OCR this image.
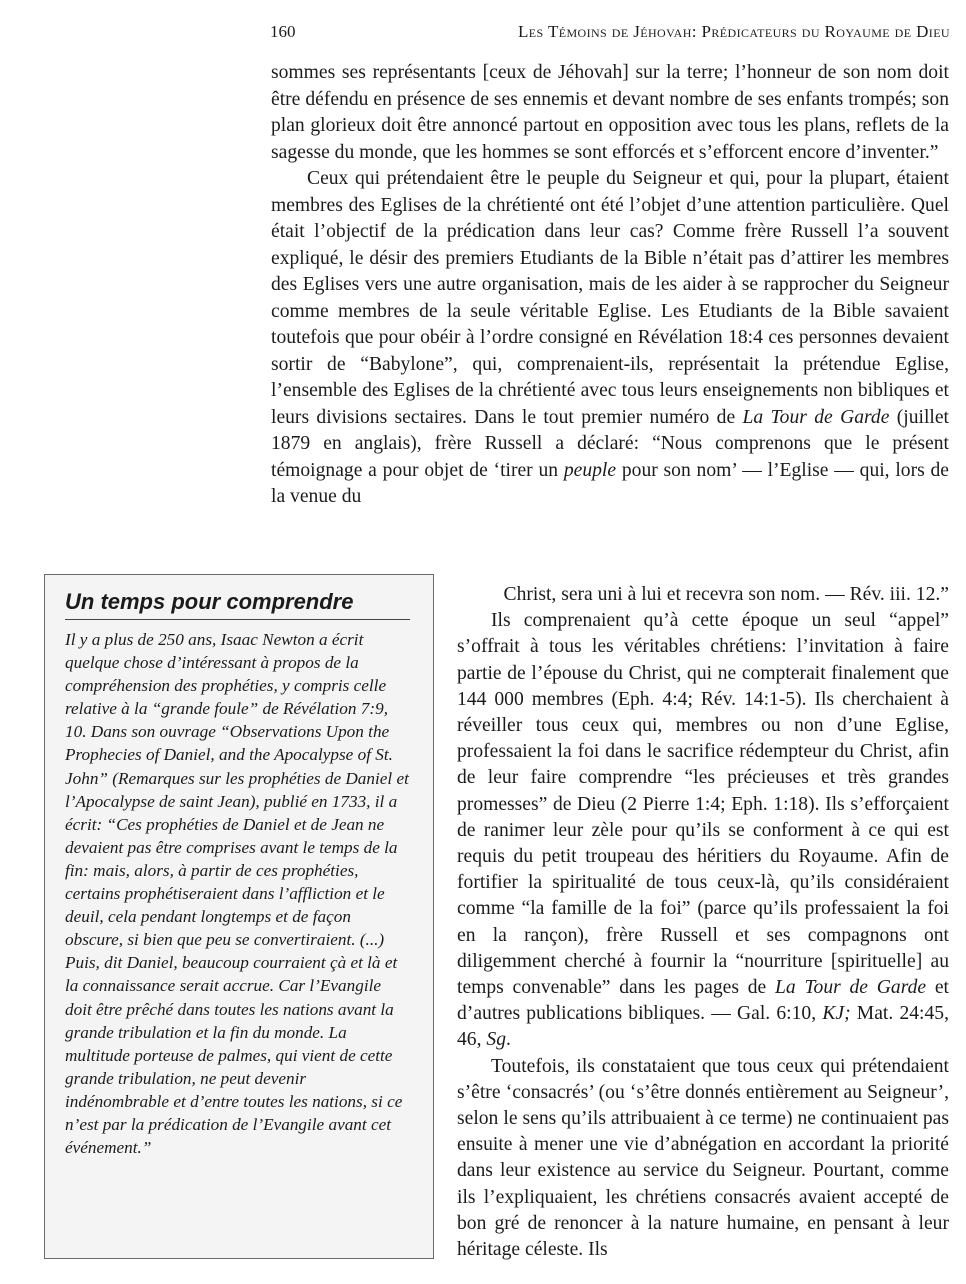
160	Les Témoins de Jéhovah: Prédicateurs du Royaume de Dieu

sommes ses représentants [ceux de Jéhovah] sur la terre; l’honneur de son nom doit être défendu en présence de ses ennemis et devant nombre de ses enfants trompés; son plan glorieux doit être annoncé partout en opposition avec tous les plans, reflets de la sagesse du monde, que les hommes se sont efforcés et s’efforcent encore d’inventer.”

Ceux qui prétendaient être le peuple du Seigneur et qui, pour la plupart, étaient membres des Eglises de la chrétienté ont été l’objet d’une attention particulière. Quel était l’objectif de la prédication dans leur cas? Comme frère Russell l’a souvent expliqué, le désir des premiers Etudiants de la Bible n’était pas d’attirer les membres des Eglises vers une autre organisation, mais de les aider à se rapprocher du Seigneur comme membres de la seule véritable Eglise. Les Etudiants de la Bible savaient toutefois que pour obéir à l’ordre consigné en Révélation 18:4 ces personnes devaient sortir de “Babylone”, qui, comprenaient-ils, représentait la prétendue Eglise, l’ensemble des Eglises de la chrétienté avec tous leurs enseignements non bibliques et leurs divisions sectaires. Dans le tout premier numéro de La Tour de Garde (juillet 1879 en anglais), frère Russell a déclaré: “Nous comprenons que le présent témoignage a pour objet de ‘tirer un peuple pour son nom’ — l’Eglise — qui, lors de la venue du

Christ, sera uni à lui et recevra son nom. — Rév. iii. 12.”

Ils comprenaient qu’à cette époque un seul “appel” s’offrait à tous les véritables chrétiens: l’invitation à faire partie de l’épouse du Christ, qui ne compterait finalement que 144 000 membres (Eph. 4:4; Rév. 14:1-5). Ils cherchaient à réveiller tous ceux qui, membres ou non d’une Eglise, professaient la foi dans le sacrifice rédempteur du Christ, afin de leur faire comprendre “les précieuses et très grandes promesses” de Dieu (2 Pierre 1:4; Eph. 1:18). Ils s’efforçaient de ranimer leur zèle pour qu’ils se conforment à ce qui est requis du petit troupeau des héritiers du Royaume. Afin de fortifier la spiritualité de tous ceux-là, qu’ils considéraient comme “la famille de la foi” (parce qu’ils professaient la foi en la rançon), frère Russell et ses compagnons ont diligemment cherché à fournir la “nourriture [spirituelle] au temps convenable” dans les pages de La Tour de Garde et d’autres publications bibliques. — Gal. 6:10, KJ; Mat. 24:45, 46, Sg.

Toutefois, ils constataient que tous ceux qui prétendaient s’être ‘consacrés’ (ou ‘s’être donnés entièrement au Seigneur’, selon le sens qu’ils attribuaient à ce terme) ne continuaient pas ensuite à mener une vie d’abnégation en accordant la priorité dans leur existence au service du Seigneur. Pourtant, comme ils l’expliquaient, les chrétiens consacrés avaient accepté de bon gré de renoncer à la nature humaine, en pensant à leur héritage céleste. Ils

Un temps pour comprendre
Il y a plus de 250 ans, Isaac Newton a écrit quelque chose d’intéressant à propos de la compréhension des prophéties, y compris celle relative à la “grande foule” de Révélation 7:9, 10. Dans son ouvrage “Observations Upon the Prophecies of Daniel, and the Apocalypse of St. John” (Remarques sur les prophéties de Daniel et l’Apocalypse de saint Jean), publié en 1733, il a écrit: “Ces prophéties de Daniel et de Jean ne devaient pas être comprises avant le temps de la fin: mais, alors, à partir de ces prophéties, certains prophétiseraient dans l’affliction et le deuil, cela pendant longtemps et de façon obscure, si bien que peu se convertiraient. (...) Puis, dit Daniel, beaucoup courraient çà et là et la connaissance serait accrue. Car l’Evangile doit être prêché dans toutes les nations avant la grande tribulation et la fin du monde. La multitude porteuse de palmes, qui vient de cette grande tribulation, ne peut devenir indénombrable et d’entre toutes les nations, si ce n’est par la prédication de l’Evangile avant cet événement.”
